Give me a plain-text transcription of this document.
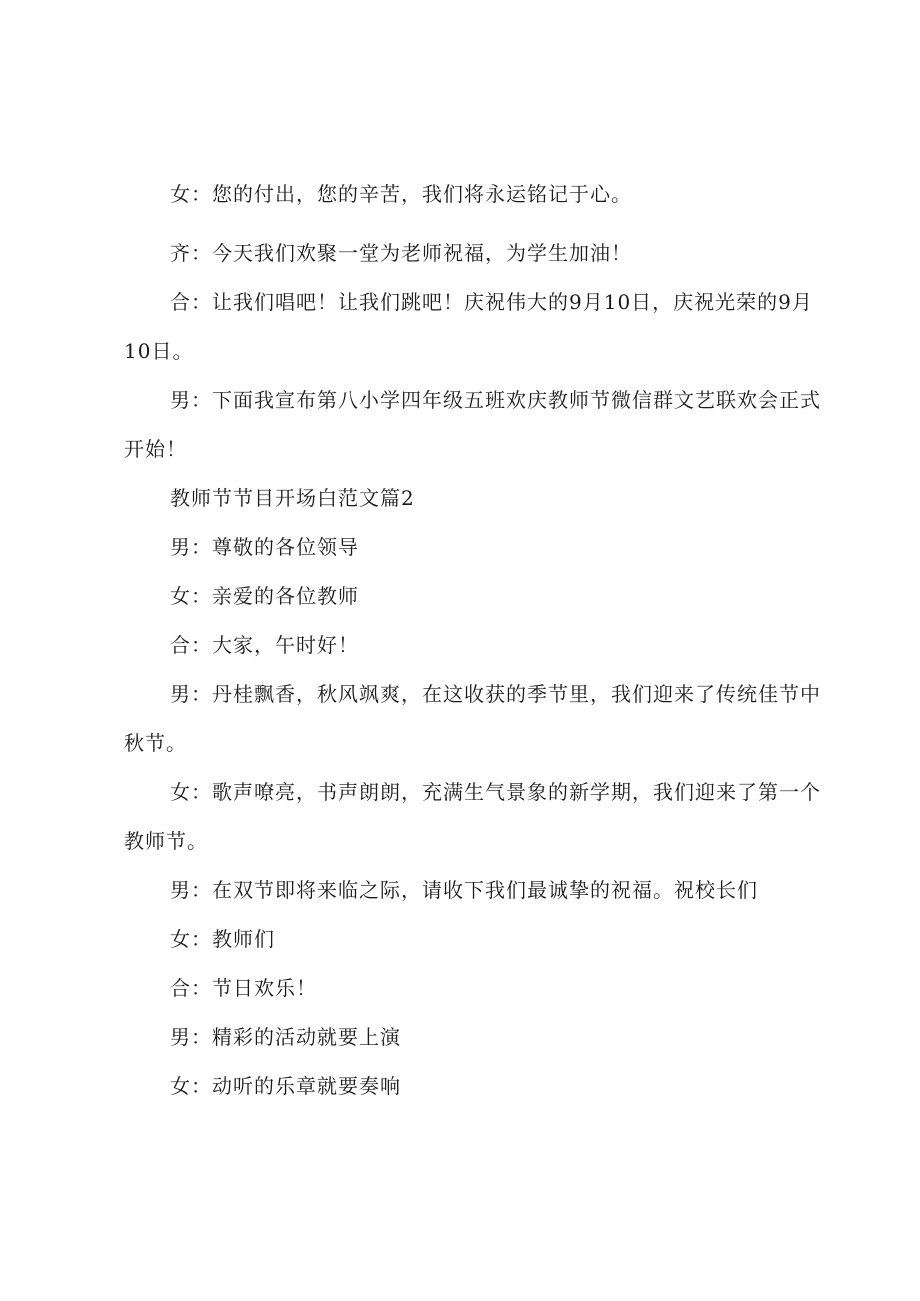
女：您的付出，您的辛苦，我们将永运铭记于心。

齐：今天我们欢聚一堂为老师祝福，为学生加油！

合：让我们唱吧！让我们跳吧！庆祝伟大的9月10日，庆祝光荣的9月10日。

男：下面我宣布第八小学四年级五班欢庆教师节微信群文艺联欢会正式开始！

教师节节目开场白范文篇2

男：尊敬的各位领导

女：亲爱的各位教师

合：大家，午时好！

男：丹桂飘香，秋风飒爽，在这收获的季节里，我们迎来了传统佳节中秋节。

女：歌声嘹亮，书声朗朗，充满生气景象的新学期，我们迎来了第一个教师节。

男：在双节即将来临之际，请收下我们最诚挚的祝福。祝校长们

女：教师们

合：节日欢乐！

男：精彩的活动就要上演

女：动听的乐章就要奏响
